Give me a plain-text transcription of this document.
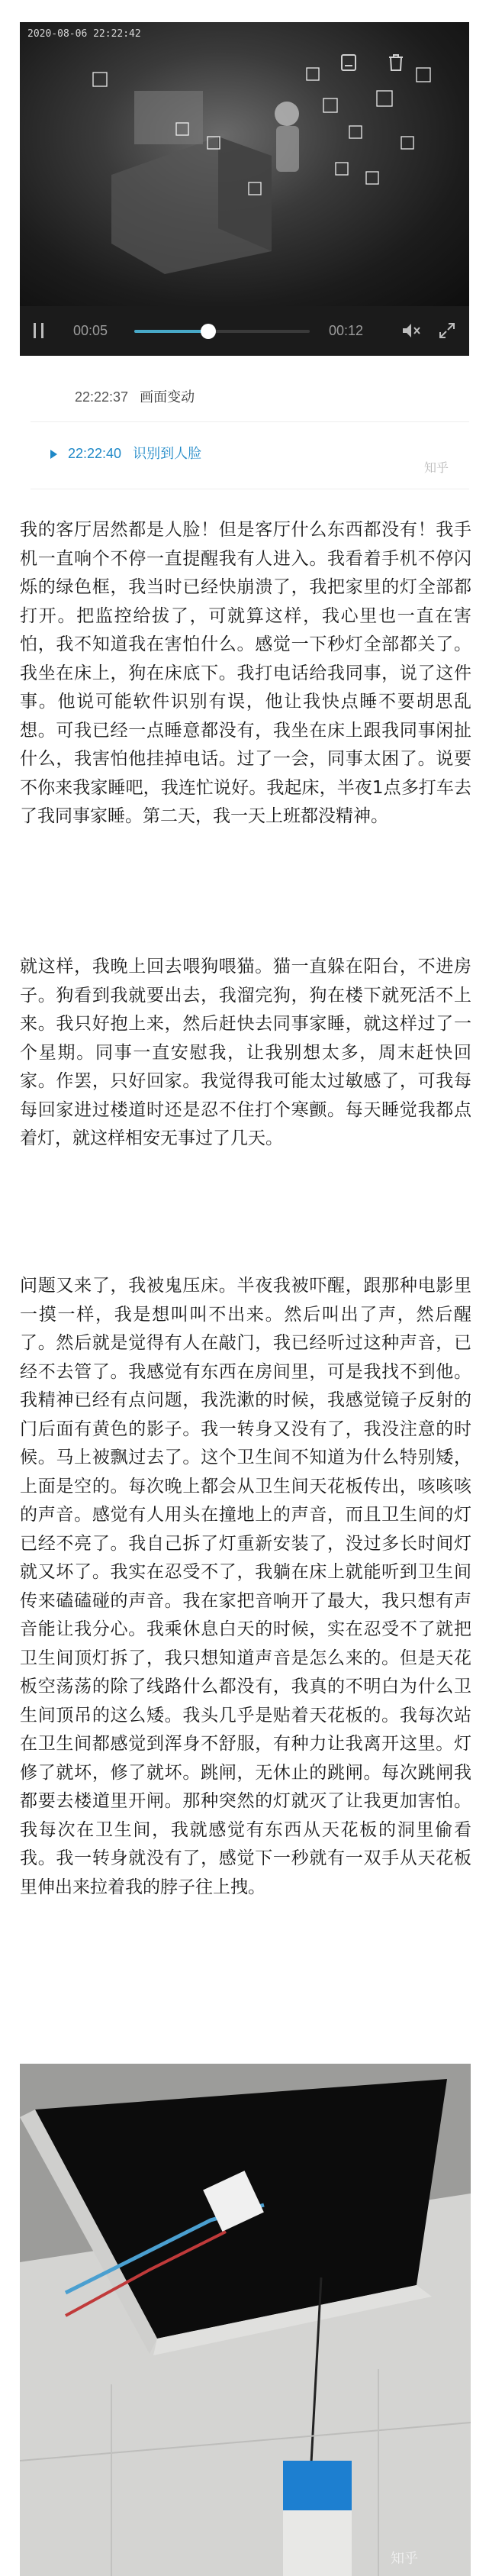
2020-08-06 22:22:42
00:05	00:12
22:22:37 画面变动
22:22:40 识别到人脸
知乎
我的客厅居然都是人脸！但是客厅什么东西都没有！我手机一直响个不停一直提醒我有人进入。我看着手机不停闪烁的绿色框，我当时已经快崩溃了，我把家里的灯全部都打开。把监控给拔了，可就算这样，我心里也一直在害怕，我不知道我在害怕什么。感觉一下秒灯全部都关了。我坐在床上，狗在床底下。我打电话给我同事，说了这件事。他说可能软件识别有误，他让我快点睡不要胡思乱想。可我已经一点睡意都没有，我坐在床上跟我同事闲扯什么，我害怕他挂掉电话。过了一会，同事太困了。说要不你来我家睡吧，我连忙说好。我起床，半夜1点多打车去了我同事家睡。第二天，我一天上班都没精神。
就这样，我晚上回去喂狗喂猫。猫一直躲在阳台，不进房子。狗看到我就要出去，我溜完狗，狗在楼下就死活不上来。我只好抱上来，然后赶快去同事家睡，就这样过了一个星期。同事一直安慰我，让我别想太多，周末赶快回家。作罢，只好回家。我觉得我可能太过敏感了，可我每每回家进过楼道时还是忍不住打个寒颤。每天睡觉我都点着灯，就这样相安无事过了几天。
问题又来了，我被鬼压床。半夜我被吓醒，跟那种电影里一摸一样，我是想叫叫不出来。然后叫出了声，然后醒了。然后就是觉得有人在敲门，我已经听过这种声音，已经不去管了。我感觉有东西在房间里，可是我找不到他。我精神已经有点问题，我洗漱的时候，我感觉镜子反射的门后面有黄色的影子。我一转身又没有了，我没注意的时候。马上被飘过去了。这个卫生间不知道为什么特别矮，上面是空的。每次晚上都会从卫生间天花板传出，咳咳咳的声音。感觉有人用头在撞地上的声音，而且卫生间的灯已经不亮了。我自己拆了灯重新安装了，没过多长时间灯就又坏了。我实在忍受不了，我躺在床上就能听到卫生间传来磕磕碰的声音。我在家把音响开了最大，我只想有声音能让我分心。我乘休息白天的时候，实在忍受不了就把卫生间顶灯拆了，我只想知道声音是怎么来的。但是天花板空荡荡的除了线路什么都没有，我真的不明白为什么卫生间顶吊的这么矮。我头几乎是贴着天花板的。我每次站在卫生间都感觉到浑身不舒服，有种力让我离开这里。灯修了就坏，修了就坏。跳闸，无休止的跳闸。每次跳闸我都要去楼道里开闸。那种突然的灯就灭了让我更加害怕。我每次在卫生间，我就感觉有东西从天花板的洞里偷看我。我一转身就没有了，感觉下一秒就有一双手从天花板里伸出来拉着我的脖子往上拽。
知乎
